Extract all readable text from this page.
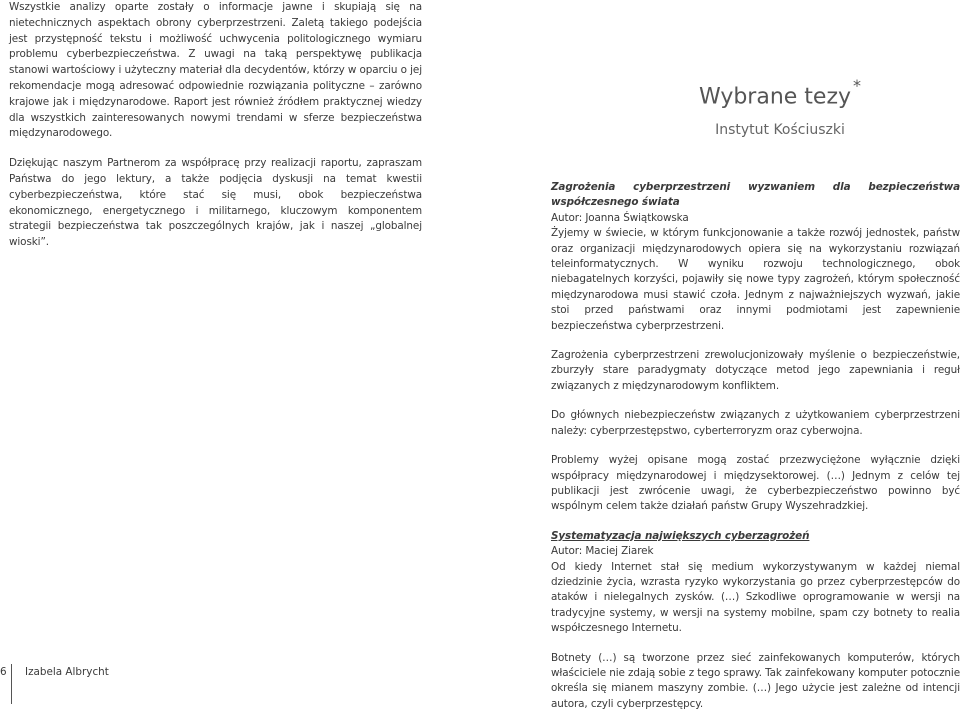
Wszystkie analizy oparte zostały o informacje jawne i skupiają się na nietechnicznych aspektach obrony cyberprzestrzeni. Zaletą takiego podejścia jest przystępność tekstu i możliwość uchwycenia politologicznego wymiaru problemu cyberbezpieczeństwa. Z uwagi na taką perspektywę publikacja stanowi wartościowy i użyteczny materiał dla decydentów, którzy w oparciu o jej rekomendacje mogą adresować odpowiednie rozwiązania polityczne – zarówno krajowe jak i międzynarodowe. Raport jest również źródłem praktycznej wiedzy dla wszystkich zainteresowanych nowymi trendami w sferze bezpieczeństwa międzynarodowego.

Dziękując naszym Partnerom za współpracę przy realizacji raportu, zapraszam Państwa do jego lektury, a także podjęcia dyskusji na temat kwestii cyberbezpieczeństwa, które stać się musi, obok bezpieczeństwa ekonomicznego, energetycznego i militarnego, kluczowym komponentem strategii bezpieczeństwa tak poszczególnych krajów, jak i naszej „globalnej wioski”.

Wybrane tezy *
Instytut Kościuszki

Zagrożenia cyberprzestrzeni wyzwaniem dla bezpieczeństwa współczesnego świata

Autor: Joanna Świątkowska

Żyjemy w świecie, w którym funkcjonowanie a także rozwój jednostek, państw oraz organizacji międzynarodowych opiera się na wykorzystaniu rozwiązań teleinformatycznych. W wyniku rozwoju technologicznego, obok niebagatelnych korzyści, pojawiły się nowe typy zagrożeń, którym społeczność międzynarodowa musi stawić czoła. Jednym z najważniejszych wyzwań, jakie stoi przed państwami oraz innymi podmiotami jest zapewnienie bezpieczeństwa cyberprzestrzeni.

Zagrożenia cyberprzestrzeni zrewolucjonizowały myślenie o bezpieczeństwie, zburzyły stare paradygmaty dotyczące metod jego zapewniania i reguł związanych z międzynarodowym konfliktem.

Do głównych niebezpieczeństw związanych z użytkowaniem cyberprzestrzeni należy: cyberprzestępstwo, cyberterroryzm oraz cyberwojna.

Problemy wyżej opisane mogą zostać przezwyciężone wyłącznie dzięki współpracy międzynarodowej i międzysektorowej. (…) Jednym z celów tej publikacji jest zwrócenie uwagi, że cyberbezpieczeństwo powinno być wspólnym celem także działań państw Grupy Wyszehradzkiej.

Systematyzacja największych cyberzagrożeń

Autor: Maciej Ziarek

Od kiedy Internet stał się medium wykorzystywanym w każdej niemal dziedzinie życia, wzrasta ryzyko wykorzystania go przez cyberprzestępców do ataków i nielegalnych zysków. (…) Szkodliwe oprogramowanie w wersji na tradycyjne systemy, w wersji na systemy mobilne, spam czy botnety to realia współczesnego Internetu.

Botnety (…) są tworzone przez sieć zainfekowanych komputerów, których właściciele nie zdają sobie z tego sprawy. Tak zainfekowany komputer potocznie określa się mianem maszyny zombie. (…) Jego użycie jest zależne od intencji autora, czyli cyberprzestępcy.

6	Izabela Albrycht
